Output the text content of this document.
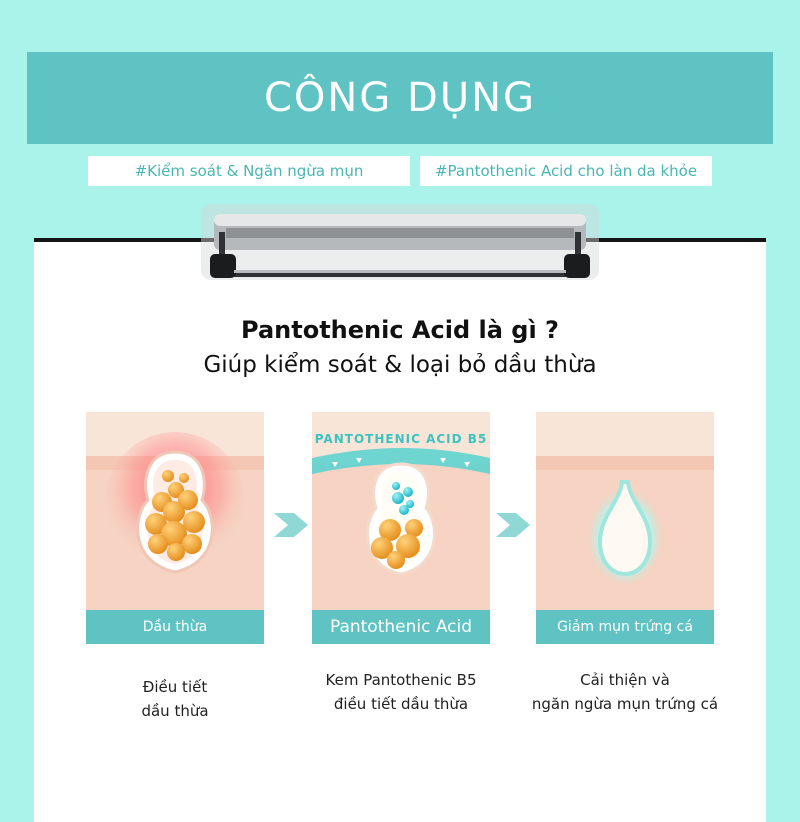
CÔNG DỤNG
#Kiểm soát & Ngăn ngừa mụn	#Pantothenic Acid cho làn da khỏe
Pantothenic Acid là gì ?
Giúp kiểm soát & loại bỏ dầu thừa
Dầu thừa
PANTOTHENIC ACID B5
Pantothenic Acid	Giảm mụn trứng cá
Điều tiết
dầu thừa
Kem Pantothenic B5
điều tiết dầu thừa
Cải thiện và
ngăn ngừa mụn trứng cá
